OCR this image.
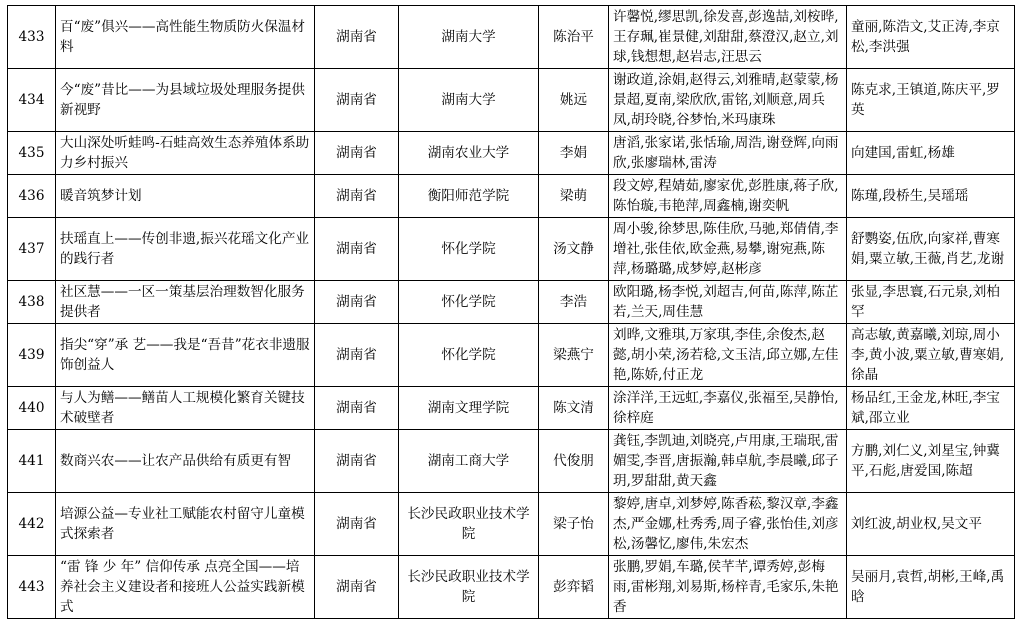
433	百“废”俱兴——高性能生物质防火保温材料	湖南省	湖南大学	陈治平	许馨悦,缪思凯,徐发喜,彭逸喆,刘桉晔,王存珮,崔景健,刘甜甜,蔡澄汉,赵立,刘球,钱想想,赵岩志,汪思云	童丽,陈浩文,艾正涛,李京松,李洪强
434	今“废”昔比——为县域垃圾处理服务提供新视野	湖南省	湖南大学	姚远	谢政道,涂娟,赵得云,刘雅晴,赵蒙蒙,杨景超,夏南,梁欣欣,雷铭,刘顺意,周兵凤,胡玲晓,谷梦怡,米玛康珠	陈克求,王镇道,陈庆平,罗英
435	大山深处听蛙鸣-石蛙高效生态养殖体系助力乡村振兴	湖南省	湖南农业大学	李娟	唐滔,张家诺,张恬瑜,周浩,谢登辉,向雨欣,张廖瑞林,雷涛	向建国,雷虹,杨雄
436	暖音筑梦计划	湖南省	衡阳师范学院	梁萌	段文婷,程婧茹,廖家优,彭胜康,蒋子欣,陈怡璇,韦艳萍,周鑫楠,谢奕帆	陈瑾,段桥生,吴瑶瑶
437	扶瑶直上——传创非遗,振兴花瑶文化产业的践行者	湖南省	怀化学院	汤文静	周小骏,徐梦思,陈佳欣,马驰,郑倩倩,李增社,张佳依,欧金燕,易攀,谢宛燕,陈萍,杨璐璐,成梦婷,赵彬彦	舒鹦姿,伍欣,向家祥,曹寒娟,粟立敏,王薇,肖艺,龙谢
438	社区慧——一区一策基层治理数智化服务提供者	湖南省	怀化学院	李浩	欧阳璐,杨李悦,刘超吉,何苗,陈萍,陈芷若,兰天,周佳慧	张显,李思寰,石元泉,刘柏罕
439	指尖“穿”承 艺——我是“吾昔”花衣非遗服饰创益人	湖南省	怀化学院	梁燕宁	刘晔,文雅琪,万家琪,李佳,余俊杰,赵懿,胡小荣,汤若稔,文玉洁,邱立娜,左佳艳,陈娇,付正龙	高志敏,黄嘉曦,刘琼,周小李,黄小波,粟立敏,曹寒娟,徐晶
440	与人为鳝——鳝苗人工规模化繁育关键技术破壁者	湖南省	湖南文理学院	陈文清	涂洋洋,王远虹,李嘉仪,张福至,吴静怡,徐梓庭	杨品红,王金龙,林旺,李宝斌,邵立业
441	数商兴农——让农产品供给有质更有智	湖南省	湖南工商大学	代俊朋	龚钰,李凯迪,刘晓亮,卢用康,王瑞珉,雷媚雯,李晋,唐振瀚,韩卓航,李晨曦,邱子玥,罗甜甜,黄天鑫	方鹏,刘仁义,刘星宝,钟冀平,石彪,唐爱国,陈超
442	培源公益—专业社工赋能农村留守儿童模式探索者	湖南省	长沙民政职业技术学院	梁子怡	黎婷,唐卓,刘梦婷,陈香菘,黎汉章,李鑫杰,严金娜,杜秀秀,周子睿,张怡佳,刘彦松,汤馨忆,廖伟,朱宏杰	刘红波,胡业权,吴文平
443	“雷 锋 少 年” 信仰传承 点亮全国——培养社会主义建设者和接班人公益实践新模式	湖南省	长沙民政职业技术学院	彭弈韬	张鹏,罗娟,车璐,侯芊芊,谭秀婷,彭梅雨,雷彬翔,刘易斯,杨梓青,毛家乐,朱艳香	吴丽月,袁哲,胡彬,王峰,禹晗
